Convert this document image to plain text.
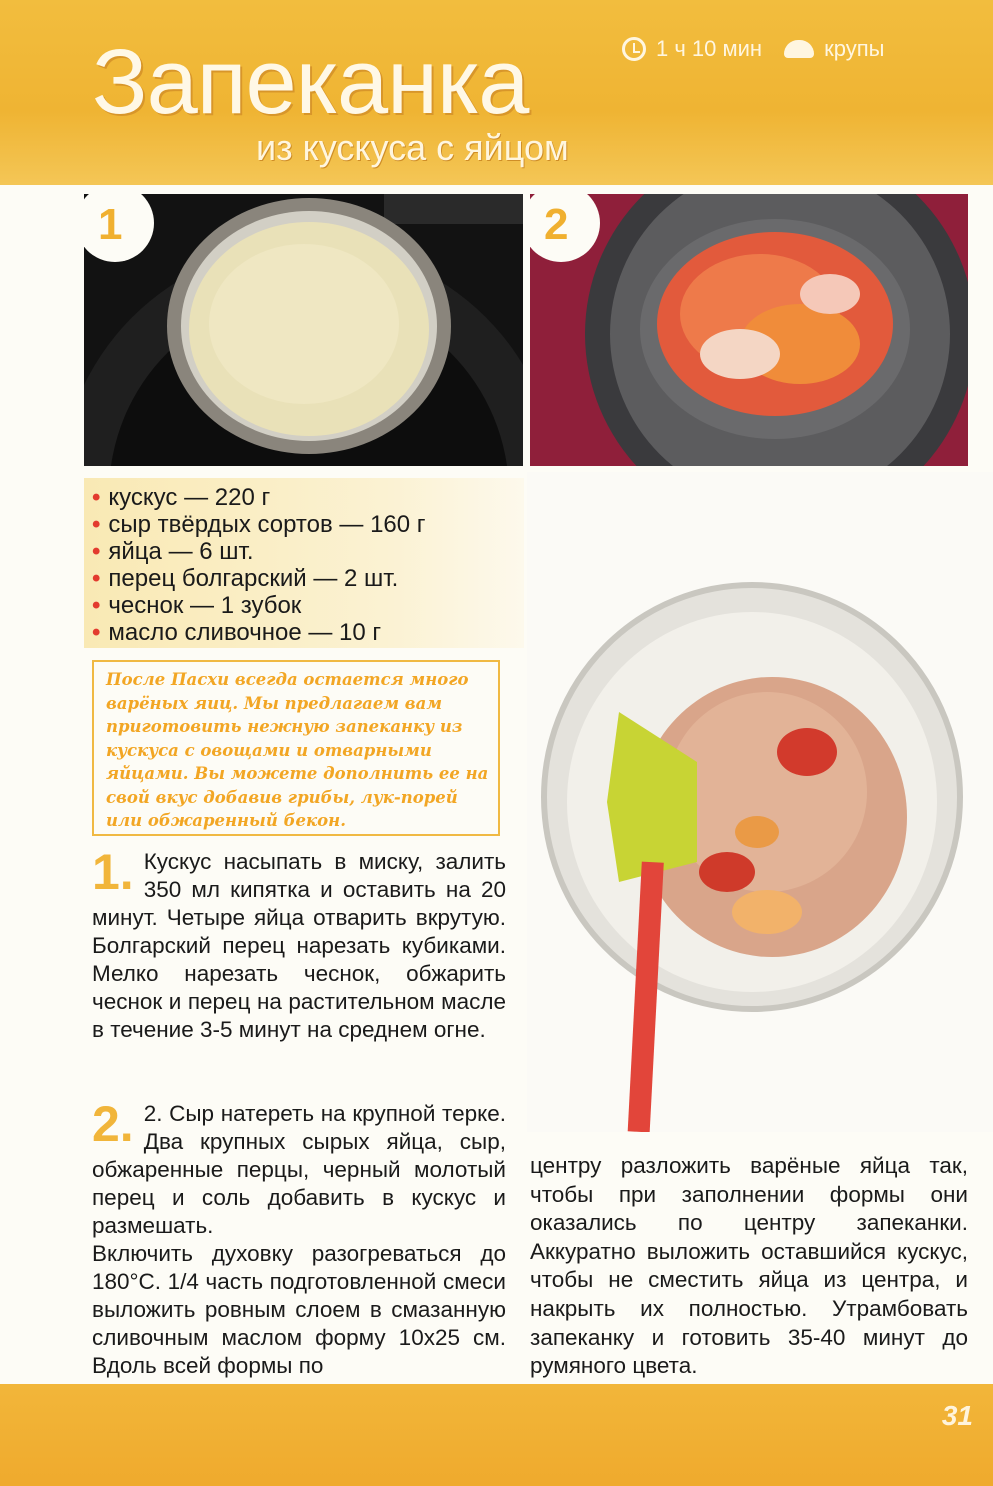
Запеканка
из кускуса с яйцом
1 ч 10 мин	крупы
1	2
• кускус — 220 г
• сыр твёрдых сортов — 160 г
• яйца — 6 шт.
• перец болгарский — 2 шт.
• чеснок — 1 зубок
• масло сливочное — 10 г
После Пасхи всегда остается много варёных яиц. Мы предлагаем вам приготовить нежную запеканку из кускуса с овощами и отварными яйцами. Вы можете дополнить ее на свой вкус добавив грибы, лук-порей или обжаренный бекон.
1. Кускус насыпать в миску, залить 350 мл кипятка и оставить на 20 минут. Четыре яйца отварить вкрутую. Болгарский перец нарезать кубиками. Мелко нарезать чеснок, обжарить чеснок и перец на растительном масле в течение 3-5 минут на среднем огне.
2. 2. Сыр натереть на крупной терке. Два крупных сырых яйца, сыр, обжаренные перцы, черный молотый перец и соль добавить в кускус и размешать.

Включить духовку разогреваться до 180°С. 1/4 часть подготовленной смеси выложить ровным слоем в смазанную сливочным маслом форму 10х25 см. Вдоль всей формы по

центру разложить варёные яйца так, чтобы при заполнении формы они оказались по центру запеканки. Аккуратно выложить оставшийся кускус, чтобы не сместить яйца из центра, и накрыть их полностью. Утрамбовать запеканку и готовить 35-40 минут до румяного цвета.
31
